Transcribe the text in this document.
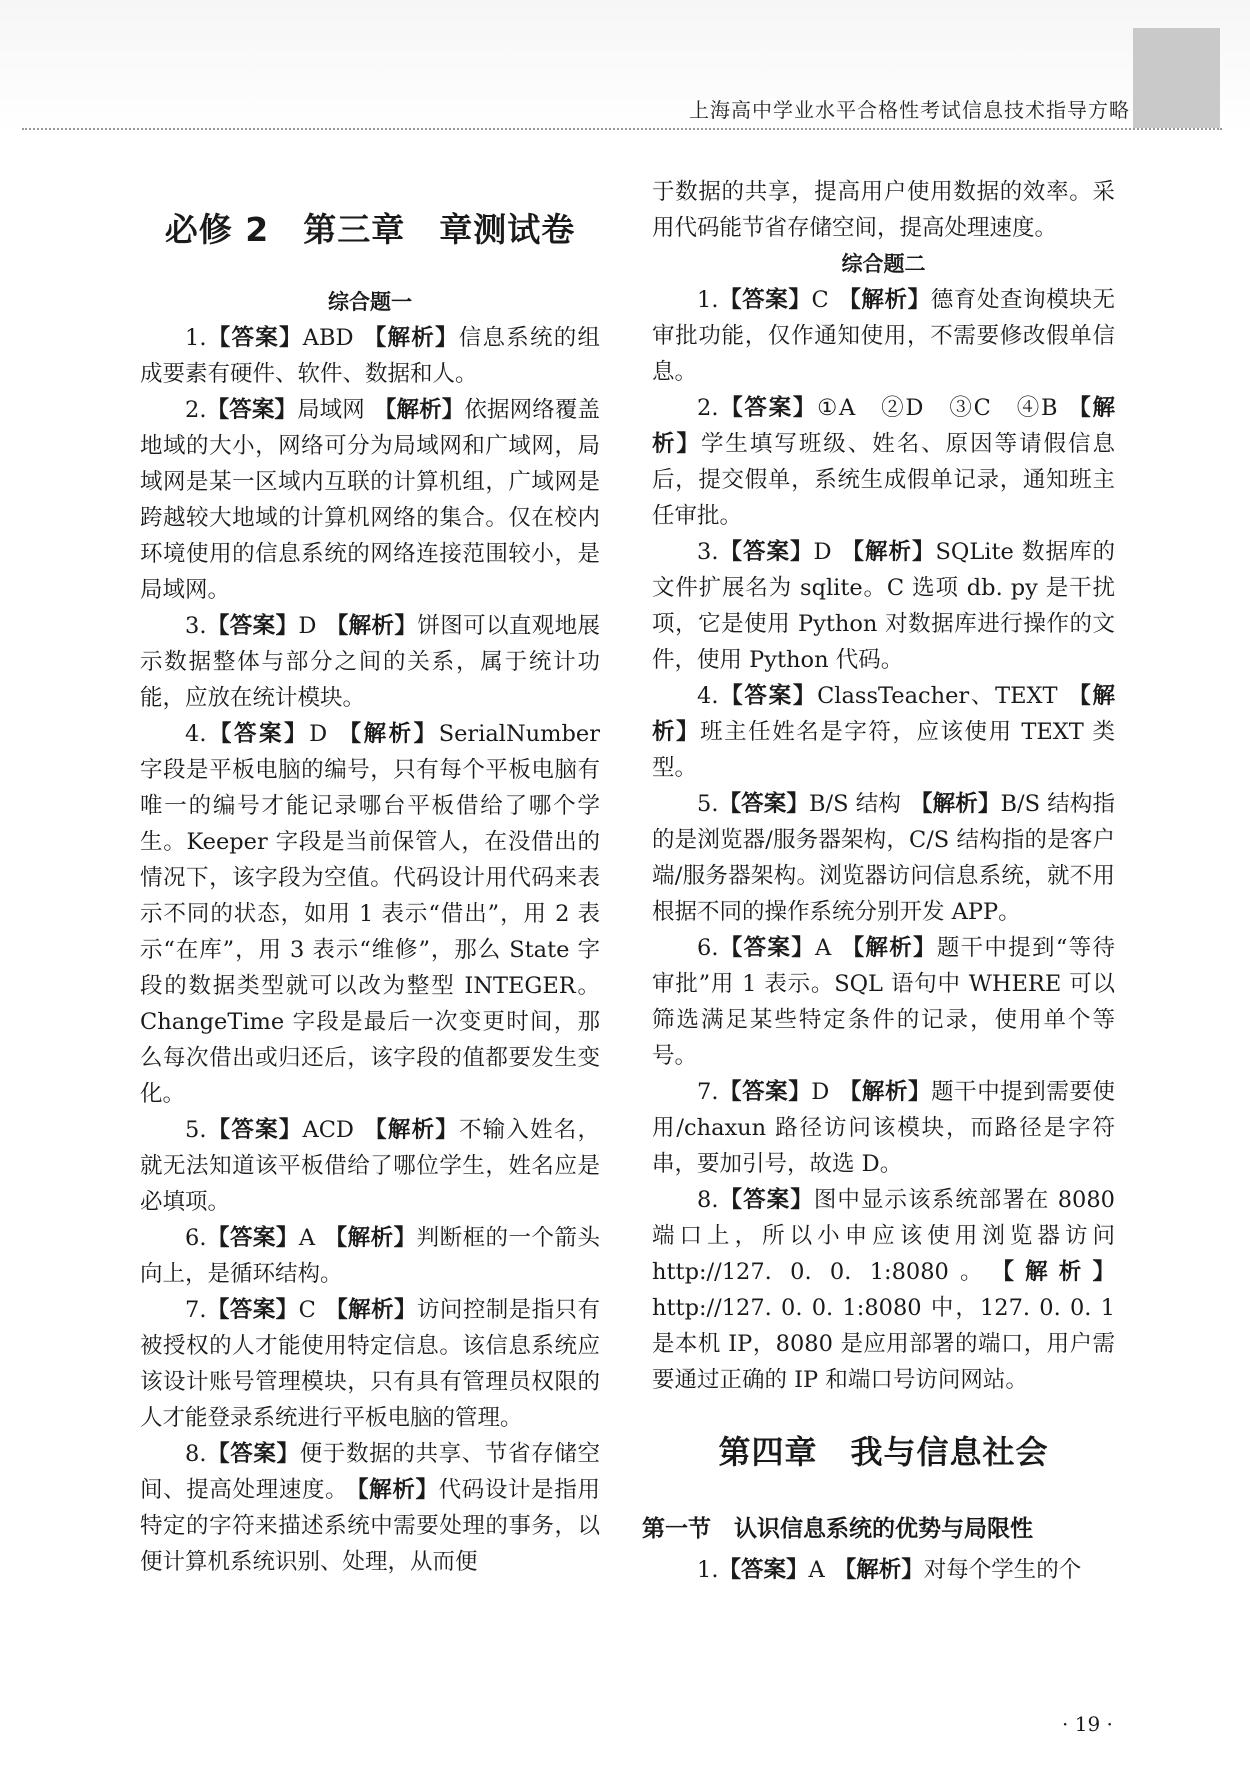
上海高中学业水平合格性考试信息技术指导方略
必修 2　第三章　章测试卷
综合题一

1.【答案】ABD 【解析】信息系统的组成要素有硬件、软件、数据和人。

2.【答案】局域网 【解析】依据网络覆盖地域的大小，网络可分为局域网和广域网，局域网是某一区域内互联的计算机组，广域网是跨越较大地域的计算机网络的集合。仅在校内环境使用的信息系统的网络连接范围较小，是局域网。

3.【答案】D 【解析】饼图可以直观地展示数据整体与部分之间的关系，属于统计功能，应放在统计模块。

4.【答案】D 【解析】SerialNumber 字段是平板电脑的编号，只有每个平板电脑有唯一的编号才能记录哪台平板借给了哪个学生。Keeper 字段是当前保管人，在没借出的情况下，该字段为空值。代码设计用代码来表示不同的状态，如用 1 表示“借出”，用 2 表示“在库”，用 3 表示“维修”，那么 State 字段的数据类型就可以改为整型 INTEGER。ChangeTime 字段是最后一次变更时间，那么每次借出或归还后，该字段的值都要发生变化。

5.【答案】ACD 【解析】不输入姓名，就无法知道该平板借给了哪位学生，姓名应是必填项。

6.【答案】A 【解析】判断框的一个箭头向上，是循环结构。

7.【答案】C 【解析】访问控制是指只有被授权的人才能使用特定信息。该信息系统应该设计账号管理模块，只有具有管理员权限的人才能登录系统进行平板电脑的管理。

8.【答案】便于数据的共享、节省存储空间、提高处理速度。 【解析】代码设计是指用特定的字符来描述系统中需要处理的事务，以便计算机系统识别、处理，从而便

于数据的共享，提高用户使用数据的效率。采用代码能节省存储空间，提高处理速度。

综合题二

1.【答案】C 【解析】德育处查询模块无审批功能，仅作通知使用，不需要修改假单信息。

2.【答案】①A　②D　③C　④B 【解析】学生填写班级、姓名、原因等请假信息后，提交假单，系统生成假单记录，通知班主任审批。

3.【答案】D 【解析】SQLite 数据库的文件扩展名为 sqlite。C 选项 db. py 是干扰项，它是使用 Python 对数据库进行操作的文件，使用 Python 代码。

4.【答案】ClassTeacher、TEXT 【解析】班主任姓名是字符，应该使用 TEXT 类型。

5.【答案】B/S 结构 【解析】B/S 结构指的是浏览器/服务器架构，C/S 结构指的是客户端/服务器架构。浏览器访问信息系统，就不用根据不同的操作系统分别开发 APP。

6.【答案】A 【解析】题干中提到“等待审批”用 1 表示。SQL 语句中 WHERE 可以筛选满足某些特定条件的记录，使用单个等号。

7.【答案】D 【解析】题干中提到需要使用/chaxun 路径访问该模块，而路径是字符串，要加引号，故选 D。

8.【答案】图中显示该系统部署在 8080 端口上，所以小申应该使用浏览器访问 http://127. 0. 0. 1:8080。 【解析】http://127. 0. 0. 1:8080 中，127. 0. 0. 1 是本机 IP，8080 是应用部署的端口，用户需要通过正确的 IP 和端口号访问网站。

第四章　我与信息社会
第一节　认识信息系统的优势与局限性

1.【答案】A 【解析】对每个学生的个

· 19 ·
